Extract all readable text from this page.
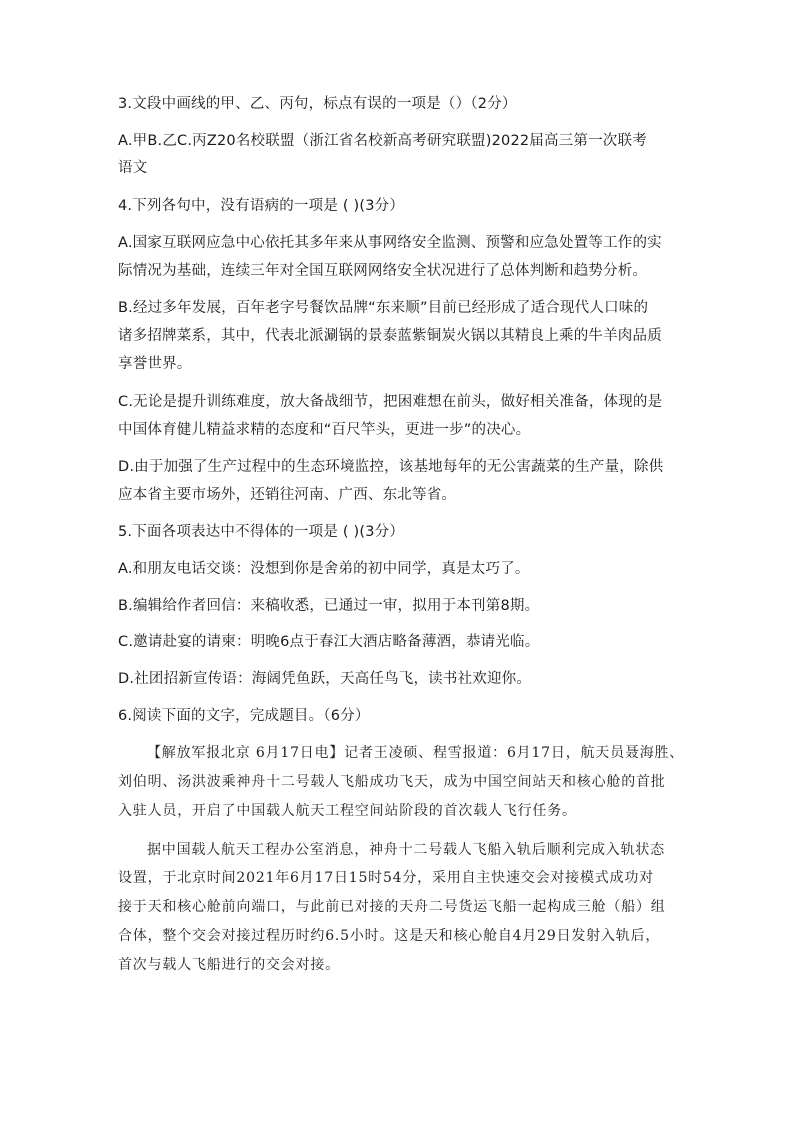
3.文段中画线的甲、乙、丙句，标点有误的一项是（）（2分）
A.甲B.乙C.丙Z20名校联盟（浙江省名校新高考研究联盟)2022届高三第一次联考
语文
4.下列各句中，没有语病的一项是 ( )(3分）
A.国家互联网应急中心依托其多年来从事网络安全监测、预警和应急处置等工作的实
际情况为基础，连续三年对全国互联网网络安全状况进行了总体判断和趋势分析。
B.经过多年发展，百年老字号餐饮品牌“东来顺”目前已经形成了适合现代人口味的
诸多招牌菜系，其中，代表北派涮锅的景泰蓝紫铜炭火锅以其精良上乘的牛羊肉品质
享誉世界。
C.无论是提升训练难度，放大备战细节，把困难想在前头，做好相关准备，体现的是
中国体育健儿精益求精的态度和“百尺竿头，更进一步”的决心。
D.由于加强了生产过程中的生态环境监控，该基地每年的无公害蔬菜的生产量，除供
应本省主要市场外，还销往河南、广西、东北等省。
5.下面各项表达中不得体的一项是 ( )(3分）
A.和朋友电话交谈：没想到你是舍弟的初中同学，真是太巧了。
B.编辑给作者回信：来稿收悉，已通过一审，拟用于本刊第8期。
C.邀请赴宴的请柬：明晚6点于春江大酒店略备薄酒，恭请光临。
D.社团招新宣传语：海阔凭鱼跃，天高任鸟飞，读书社欢迎你。
6.阅读下面的文字，完成题目。（6分）
【解放军报北京 6月17日电】记者王凌硕、程雪报道：6月17日，航天员聂海胜、
刘伯明、汤洪波乘神舟十二号载人飞船成功飞天，成为中国空间站天和核心舱的首批
入驻人员，开启了中国载人航天工程空间站阶段的首次载人飞行任务。
据中国载人航天工程办公室消息，神舟十二号载人飞船入轨后顺利完成入轨状态
设置，于北京时间2021年6月17日15时54分，采用自主快速交会对接模式成功对
接于天和核心舱前向端口，与此前已对接的天舟二号货运飞船一起构成三舱（船）组
合体，整个交会对接过程历时约6.5小时。这是天和核心舱自4月29日发射入轨后，
首次与载人飞船进行的交会对接。
